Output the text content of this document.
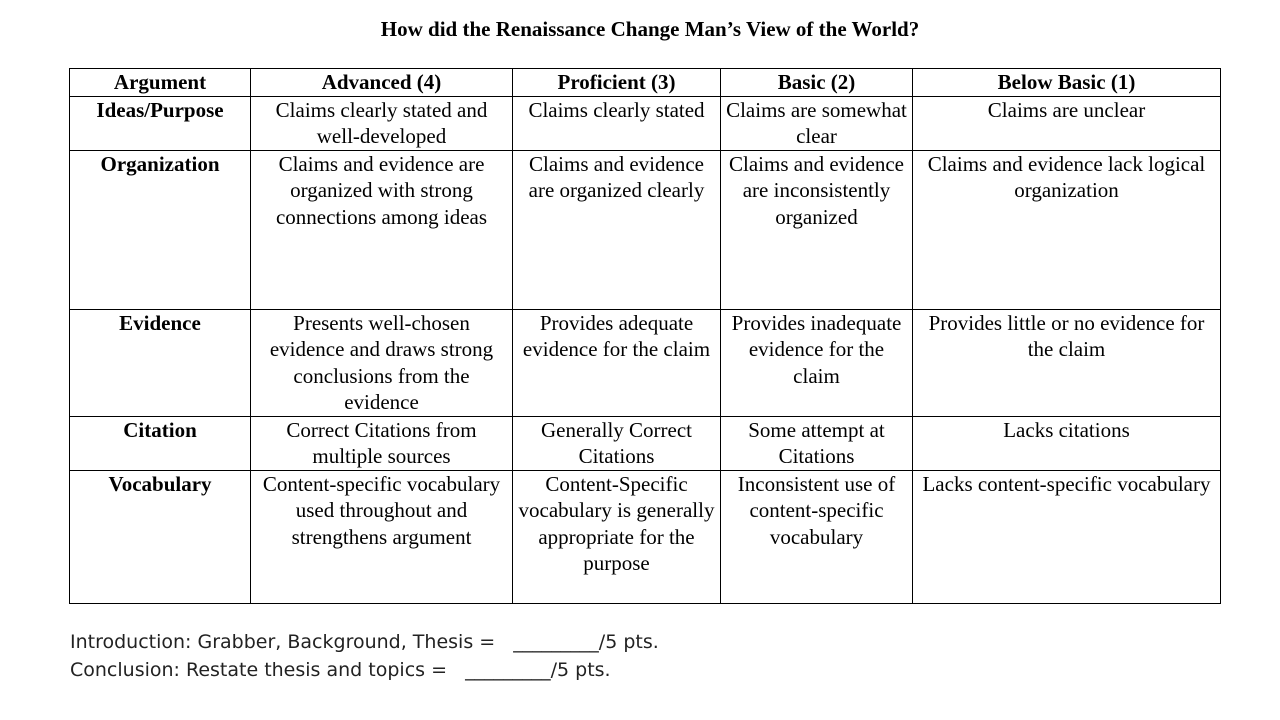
How did the Renaissance Change Man’s View of the World?
Argument	Advanced (4)	Proficient (3)	Basic (2)	Below Basic (1)
Ideas/Purpose	Claims clearly stated and well-developed	Claims clearly stated	Claims are somewhat clear	Claims are unclear
Organization	Claims and evidence are organized with strong connections among ideas	Claims and evidence are organized clearly	Claims and evidence are inconsistently organized	Claims and evidence lack logical organization
Evidence	Presents well-chosen evidence and draws strong conclusions from the evidence	Provides adequate evidence for the claim	Provides inadequate evidence for the claim	Provides little or no evidence for the claim
Citation	Correct Citations from multiple sources	Generally Correct Citations	Some attempt at Citations	Lacks citations
Vocabulary	Content-specific vocabulary used throughout and strengthens argument	Content-Specific vocabulary is generally appropriate for the purpose	Inconsistent use of content-specific vocabulary	Lacks content-specific vocabulary
Introduction: Grabber, Background, Thesis =   _________/5 pts.
Conclusion: Restate thesis and topics =   _________/5 pts.
